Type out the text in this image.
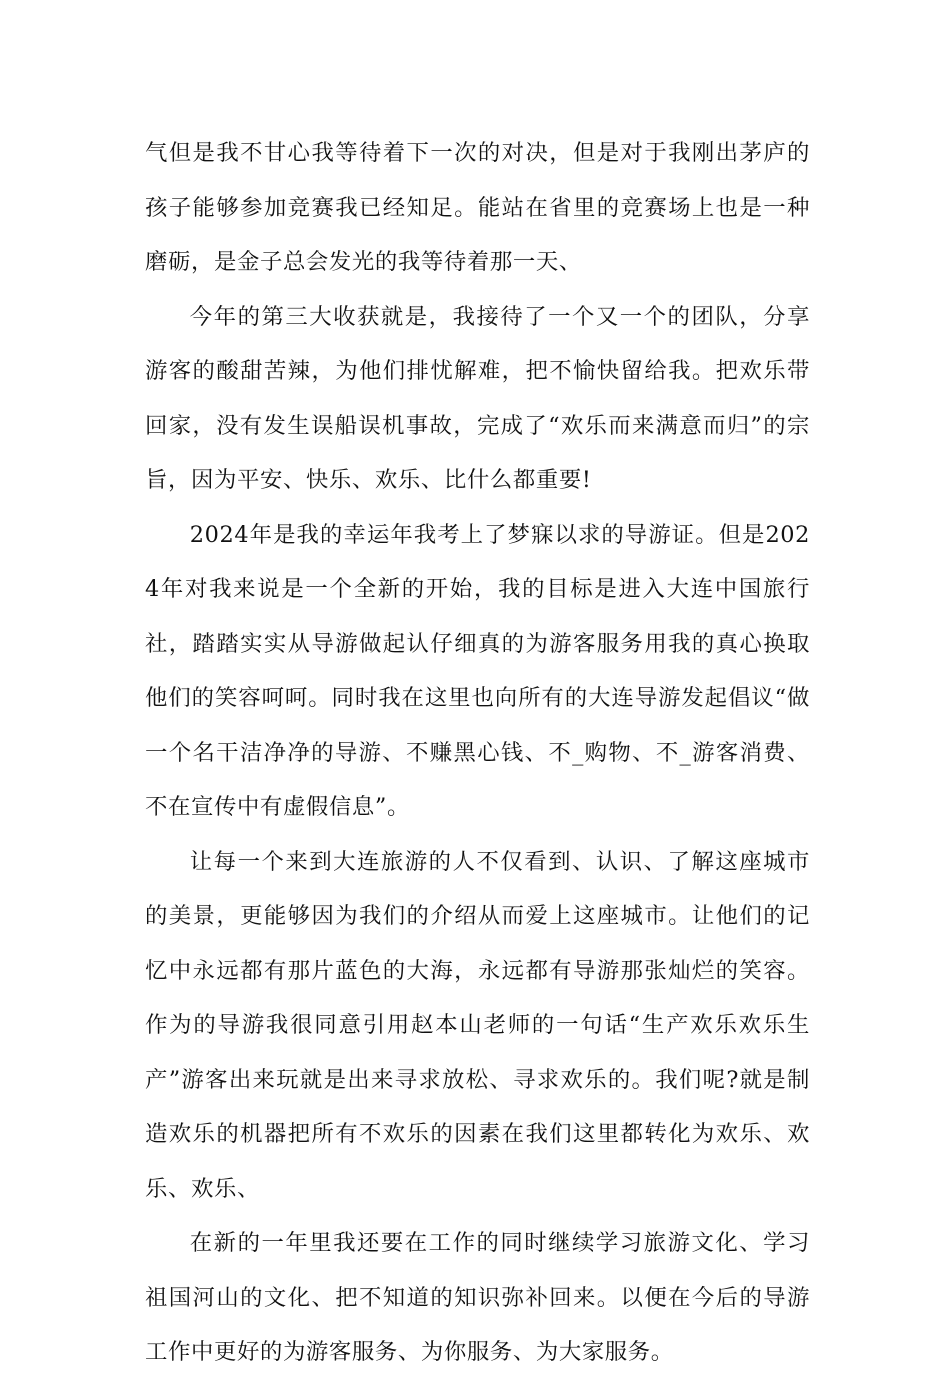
气但是我不甘心我等待着下一次的对决，但是对于我刚出茅庐的孩子能够参加竞赛我已经知足。能站在省里的竞赛场上也是一种磨砺，是金子总会发光的我等待着那一天、

今年的第三大收获就是，我接待了一个又一个的团队，分享游客的酸甜苦辣，为他们排忧解难，把不愉快留给我。把欢乐带回家，没有发生误船误机事故，完成了“欢乐而来满意而归”的宗旨，因为平安、快乐、欢乐、比什么都重要!

2024年是我的幸运年我考上了梦寐以求的导游证。但是2024年对我来说是一个全新的开始，我的目标是进入大连中国旅行社，踏踏实实从导游做起认仔细真的为游客服务用我的真心换取他们的笑容呵呵。同时我在这里也向所有的大连导游发起倡议“做一个名干洁净净的导游、不赚黑心钱、不_购物、不_游客消费、不在宣传中有虚假信息”。

让每一个来到大连旅游的人不仅看到、认识、了解这座城市的美景，更能够因为我们的介绍从而爱上这座城市。让他们的记忆中永远都有那片蓝色的大海，永远都有导游那张灿烂的笑容。作为的导游我很同意引用赵本山老师的一句话“生产欢乐欢乐生产”游客出来玩就是出来寻求放松、寻求欢乐的。我们呢?就是制造欢乐的机器把所有不欢乐的因素在我们这里都转化为欢乐、欢乐、欢乐、

在新的一年里我还要在工作的同时继续学习旅游文化、学习祖国河山的文化、把不知道的知识弥补回来。以便在今后的导游工作中更好的为游客服务、为你服务、为大家服务。
